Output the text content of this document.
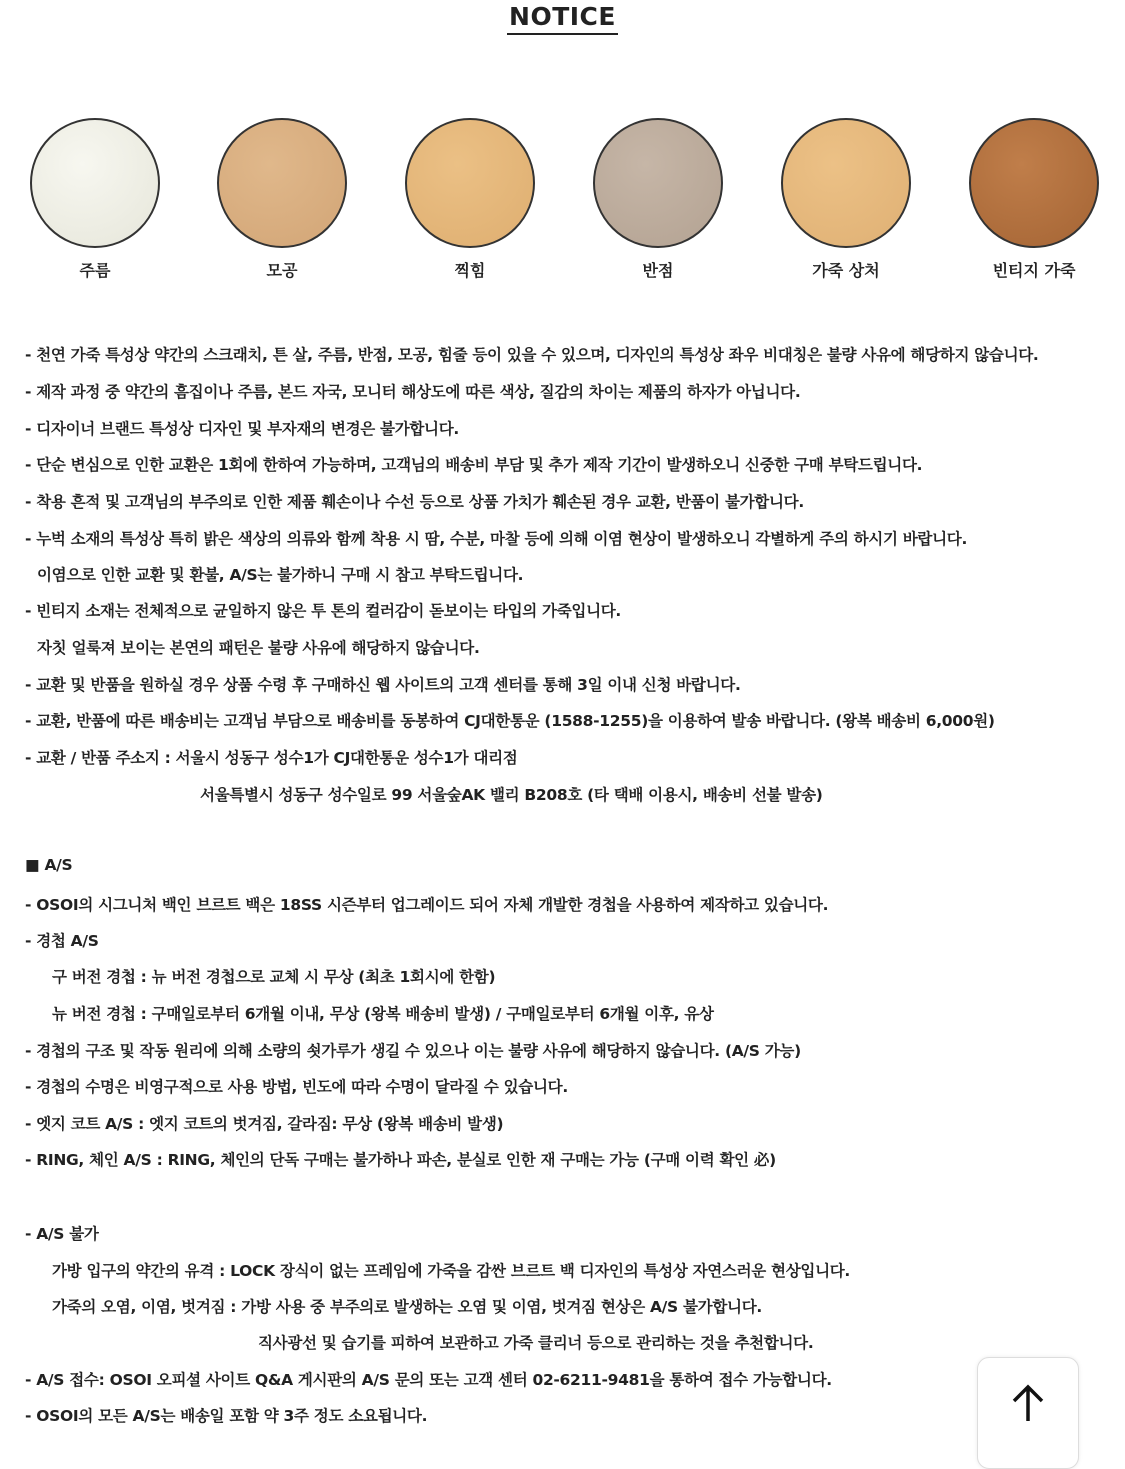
NOTICE
주름	모공	찍힘	반점	가죽 상처	빈티지 가죽
- 천연 가죽 특성상 약간의 스크래치, 튼 살, 주름, 반점, 모공, 힘줄 등이 있을 수 있으며, 디자인의 특성상 좌우 비대칭은 불량 사유에 해당하지 않습니다.
- 제작 과정 중 약간의 흠집이나 주름, 본드 자국, 모니터 해상도에 따른 색상, 질감의 차이는 제품의 하자가 아닙니다.
- 디자이너 브랜드 특성상 디자인 및 부자재의 변경은 불가합니다.
- 단순 변심으로 인한 교환은 1회에 한하여 가능하며, 고객님의 배송비 부담 및 추가 제작 기간이 발생하오니 신중한 구매 부탁드립니다.
- 착용 흔적 및 고객님의 부주의로 인한 제품 훼손이나 수선 등으로 상품 가치가 훼손된 경우 교환, 반품이 불가합니다.
- 누벅 소재의 특성상 특히 밝은 색상의 의류와 함께 착용 시 땀, 수분, 마찰 등에 의해 이염 현상이 발생하오니 각별하게 주의 하시기 바랍니다.
이염으로 인한 교환 및 환불, A/S는 불가하니 구매 시 참고 부탁드립니다.
- 빈티지 소재는 전체적으로 균일하지 않은 투 톤의 컬러감이 돋보이는 타입의 가죽입니다.
자칫 얼룩져 보이는 본연의 패턴은 불량 사유에 해당하지 않습니다.
- 교환 및 반품을 원하실 경우 상품 수령 후 구매하신 웹 사이트의 고객 센터를 통해 3일 이내 신청 바랍니다.
- 교환, 반품에 따른 배송비는 고객님 부담으로 배송비를 동봉하여 CJ대한통운 (1588-1255)을 이용하여 발송 바랍니다. (왕복 배송비 6,000원)
- 교환 / 반품 주소지 : 서울시 성동구 성수1가 CJ대한통운 성수1가 대리점
서울특별시 성동구 성수일로 99 서울숲AK 밸리 B208호 (타 택배 이용시, 배송비 선불 발송)
■ A/S
- OSOI의 시그니처 백인 브르트 백은 18SS 시즌부터 업그레이드 되어 자체 개발한 경첩을 사용하여 제작하고 있습니다.
- 경첩 A/S
구 버전 경첩 : 뉴 버전 경첩으로 교체 시 무상 (최초 1회시에 한함)
뉴 버전 경첩 : 구매일로부터 6개월 이내, 무상 (왕복 배송비 발생) / 구매일로부터 6개월 이후, 유상
- 경첩의 구조 및 작동 원리에 의해 소량의 쇳가루가 생길 수 있으나 이는 불량 사유에 해당하지 않습니다. (A/S 가능)
- 경첩의 수명은 비영구적으로 사용 방법, 빈도에 따라 수명이 달라질 수 있습니다.
- 엣지 코트 A/S : 엣지 코트의 벗겨짐, 갈라짐: 무상 (왕복 배송비 발생)
- RING, 체인 A/S : RING, 체인의 단독 구매는 불가하나 파손, 분실로 인한 재 구매는 가능 (구매 이력 확인 必)
- A/S 불가
가방 입구의 약간의 유격 : LOCK 장식이 없는 프레임에 가죽을 감싼 브르트 백 디자인의 특성상 자연스러운 현상입니다.
가죽의 오염, 이염, 벗겨짐 : 가방 사용 중 부주의로 발생하는 오염 및 이염, 벗겨짐 현상은 A/S 불가합니다.
직사광선 및 습기를 피하여 보관하고 가죽 클리너 등으로 관리하는 것을 추천합니다.
- A/S 접수: OSOI 오피셜 사이트 Q&A 게시판의 A/S 문의 또는 고객 센터 02-6211-9481을 통하여 접수 가능합니다.
- OSOI의 모든 A/S는 배송일 포함 약 3주 정도 소요됩니다.
